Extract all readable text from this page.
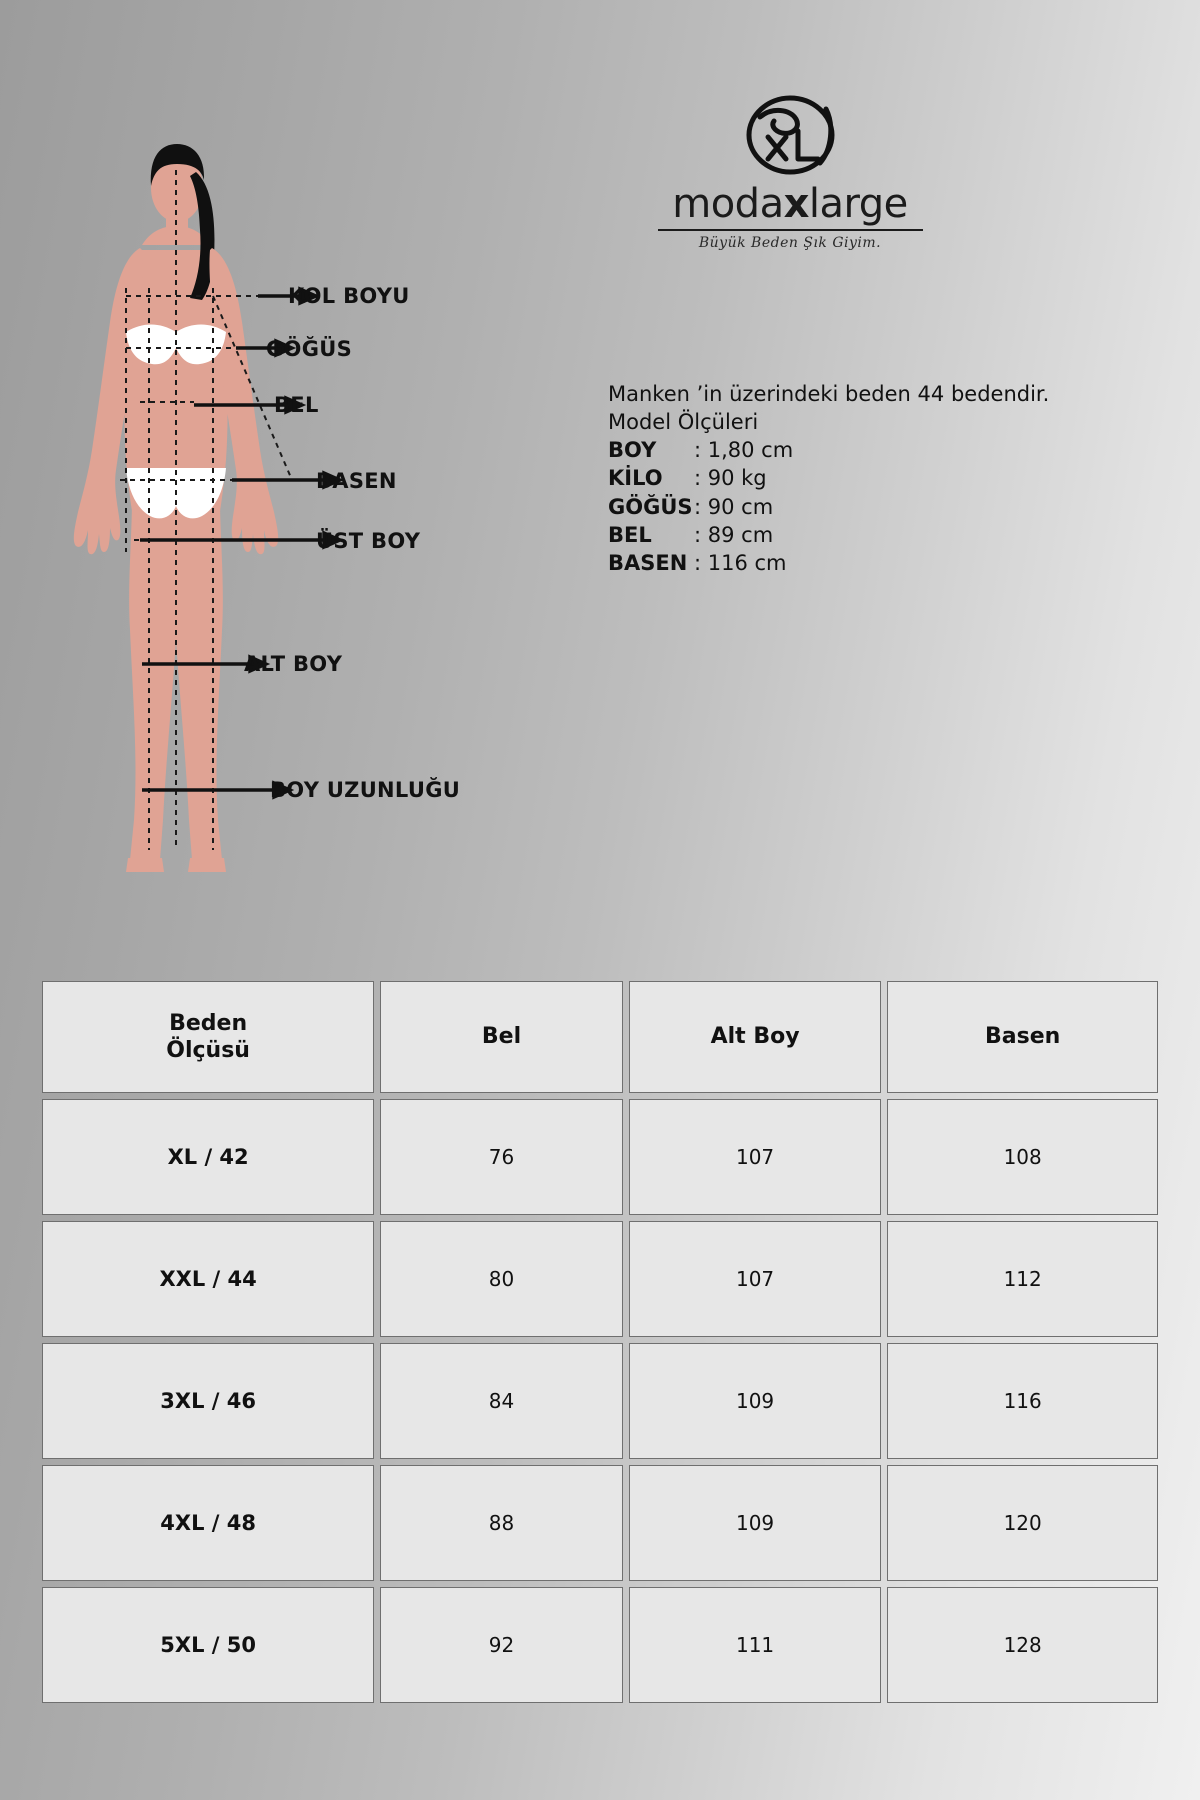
KOL BOYU
GÖĞÜS
BEL
BASEN
ÜST BOY
ALT BOY
BOY UZUNLUĞU
modaxlarge
Büyük Beden Şık Giyim.
Manken ’in üzerindeki beden 44 bedendir.
Model Ölçüleri
BOY	: 1,80 cm
KİLO	: 90 kg
GÖĞÜS : 90 cm
BEL	: 89 cm
BASEN : 116 cm
Beden
Ölçüsü	Bel	Alt Boy	Basen
XL / 42	76	107	108
XXL / 44	80	107	112
3XL / 46	84	109	116
4XL / 48	88	109	120
5XL / 50	92	111	128
